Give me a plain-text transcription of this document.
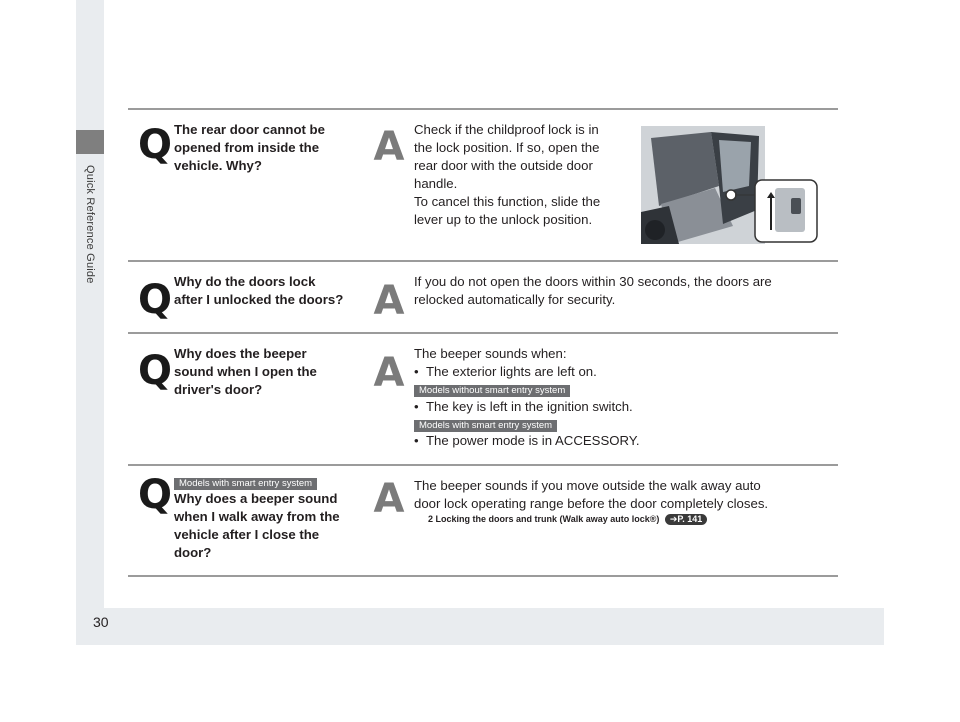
Quick Reference Guide
30
Q The rear door cannot be
opened from inside the
vehicle. Why?	A Check if the childproof lock is in

the lock position. If so, open the

rear door with the outside door

handle.

To cancel this function, slide the

lever up to the unlock position.

Q Why do the doors lock
after I unlocked the doors? A If you do not open the doors within 30 seconds, the doors are

relocked automatically for security.

Q Why does the beeper
sound when I open the
driver's door?	A The beeper sounds when:
• The exterior lights are left on.
Models without smart entry system
• The key is left in the ignition switch.
Models with smart entry system
• The power mode is in ACCESSORY.
Models with smart entry system
Q Why does a beeper sound
when I walk away from the
vehicle after I close the
door?
A The beeper sounds if you move outside the walk away auto

door lock operating range before the door completely closes.

2 Locking the doors and trunk (Walk away auto lock®) ➔P. 141
